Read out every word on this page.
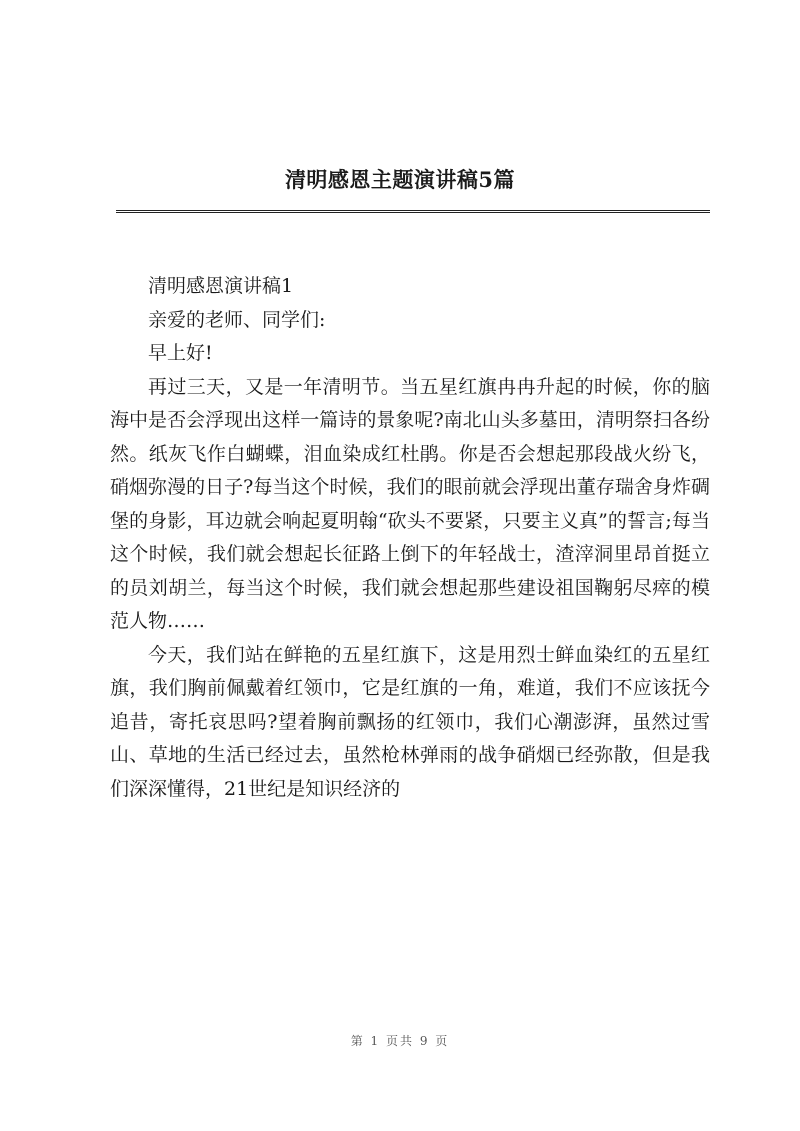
清明感恩主题演讲稿5篇

清明感恩演讲稿1

亲爱的老师、同学们:

早上好!

再过三天，又是一年清明节。当五星红旗冉冉升起的时候，你的脑海中是否会浮现出这样一篇诗的景象呢?南北山头多墓田，清明祭扫各纷然。纸灰飞作白蝴蝶，泪血染成红杜鹃。你是否会想起那段战火纷飞，硝烟弥漫的日子?每当这个时候，我们的眼前就会浮现出董存瑞舍身炸碉堡的身影，耳边就会响起夏明翰“砍头不要紧，只要主义真”的誓言;每当这个时候，我们就会想起长征路上倒下的年轻战士，渣滓洞里昂首挺立的员刘胡兰，每当这个时候，我们就会想起那些建设祖国鞠躬尽瘁的模范人物……

今天，我们站在鲜艳的五星红旗下，这是用烈士鲜血染红的五星红旗，我们胸前佩戴着红领巾，它是红旗的一角，难道，我们不应该抚今追昔，寄托哀思吗?望着胸前飘扬的红领巾，我们心潮澎湃，虽然过雪山、草地的生活已经过去，虽然枪林弹雨的战争硝烟已经弥散，但是我们深深懂得，21世纪是知识经济的

第 1 页共 9 页
